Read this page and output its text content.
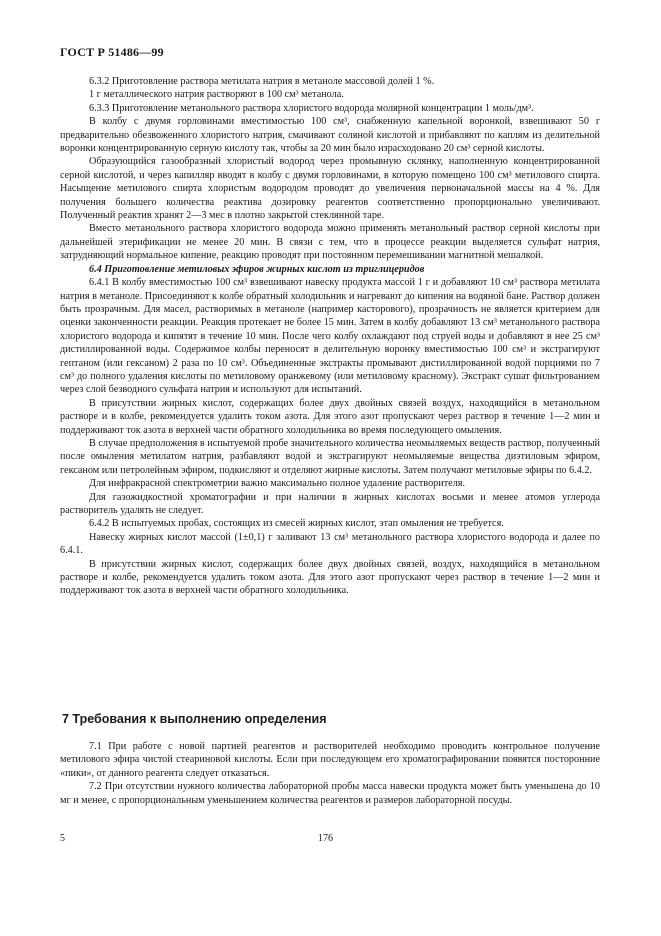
ГОСТ Р 51486—99

6.3.2 Приготовление раствора метилата натрия в метаноле массовой долей 1 %.

1 г металлического натрия растворяют в 100 см³ метанола.

6.3.3 Приготовление метанольного раствора хлористого водорода молярной концентрации 1 моль/дм³.

В колбу с двумя горловинами вместимостью 100 см³, снабженную капельной воронкой, взвешивают 50 г предварительно обезвоженного хлористого натрия, смачивают соляной кислотой и прибавляют по каплям из делительной воронки концентрированную серную кислоту так, чтобы за 20 мин было израсходовано 20 см³ серной кислоты.

Образующийся газообразный хлористый водород через промывную склянку, наполненную концентрированной серной кислотой, и через капилляр вводят в колбу с двумя горловинами, в которую помещено 100 см³ метилового спирта. Насыщение метилового спирта хлористым водородом проводят до увеличения первоначальной массы на 4 %. Для получения большего количества реактива дозировку реагентов соответственно пропорционально увеличивают. Полученный реактив хранят 2—3 мес в плотно закрытой стеклянной таре.

Вместо метанольного раствора хлористого водорода можно применять метанольный раствор серной кислоты при дальнейшей этерификации не менее 20 мин. В связи с тем, что в процессе реакции выделяется сульфат натрия, затрудняющий нормальное кипение, реакцию проводят при постоянном перемешивании магнитной мешалкой.

6.4 Приготовление метиловых эфиров жирных кислот из триглицеридов

6.4.1 В колбу вместимостью 100 см³ взвешивают навеску продукта массой 1 г и добавляют 10 см³ раствора метилата натрия в метаноле. Присоединяют к колбе обратный холодильник и нагревают до кипения на водяной бане. Раствор должен быть прозрачным. Для масел, растворимых в метаноле (например касторового), прозрачность не является критерием для оценки законченности реакции. Реакция протекает не более 15 мин. Затем в колбу добавляют 13 см³ метанольного раствора хлористого водорода и кипятят в течение 10 мин. После чего колбу охлаждают под струей воды и добавляют в нее 25 см³ дистиллированной воды. Содержимое колбы переносят в делительную воронку вместимостью 100 см³ и экстрагируют гептаном (или гексаном) 2 раза по 10 см³. Объединенные экстракты промывают дистиллированной водой порциями по 7 см³ до полного удаления кислоты по метиловому оранжевому (или метиловому красному). Экстракт сушат фильтрованием через слой безводного сульфата натрия и используют для испытаний.

В присутствии жирных кислот, содержащих более двух двойных связей воздух, находящийся в метанольном растворе и в колбе, рекомендуется удалить током азота. Для этого азот пропускают через раствор в течение 1—2 мин и поддерживают ток азота в верхней части обратного холодильника во время последующего омыления.

В случае предположения в испытуемой пробе значительного количества неомыляемых веществ раствор, полученный после омыления метилатом натрия, разбавляют водой и экстрагируют неомыляемые вещества диэтиловым эфиром, гексаном или петролейным эфиром, подкисляют и отделяют жирные кислоты. Затем получают метиловые эфиры по 6.4.2.

Для инфракрасной спектрометрии важно максимально полное удаление растворителя.

Для газожидкостной хроматографии и при наличии в жирных кислотах восьми и менее атомов углерода растворитель удалять не следует.

6.4.2 В испытуемых пробах, состоящих из смесей жирных кислот, этап омыления не требуется.

Навеску жирных кислот массой (1±0,1) г заливают 13 см³ метанольного раствора хлористого водорода и далее по 6.4.1.

В присутствии жирных кислот, содержащих более двух двойных связей, воздух, находящийся в метанольном растворе и колбе, рекомендуется удалить током азота. Для этого азот пропускают через раствор в течение 1—2 мин и поддерживают ток азота в верхней части обратного холодильника.

7 Требования к выполнению определения

7.1 При работе с новой партией реагентов и растворителей необходимо проводить контрольное получение метилового эфира чистой стеариновой кислоты. Если при последующем его хроматографировании появятся посторонние «пики», от данного реагента следует отказаться.

7.2 При отсутствии нужного количества лабораторной пробы масса навески продукта может быть уменьшена до 10 мг и менее, с пропорциональным уменьшением количества реагентов и размеров лабораторной посуды.

5	176
